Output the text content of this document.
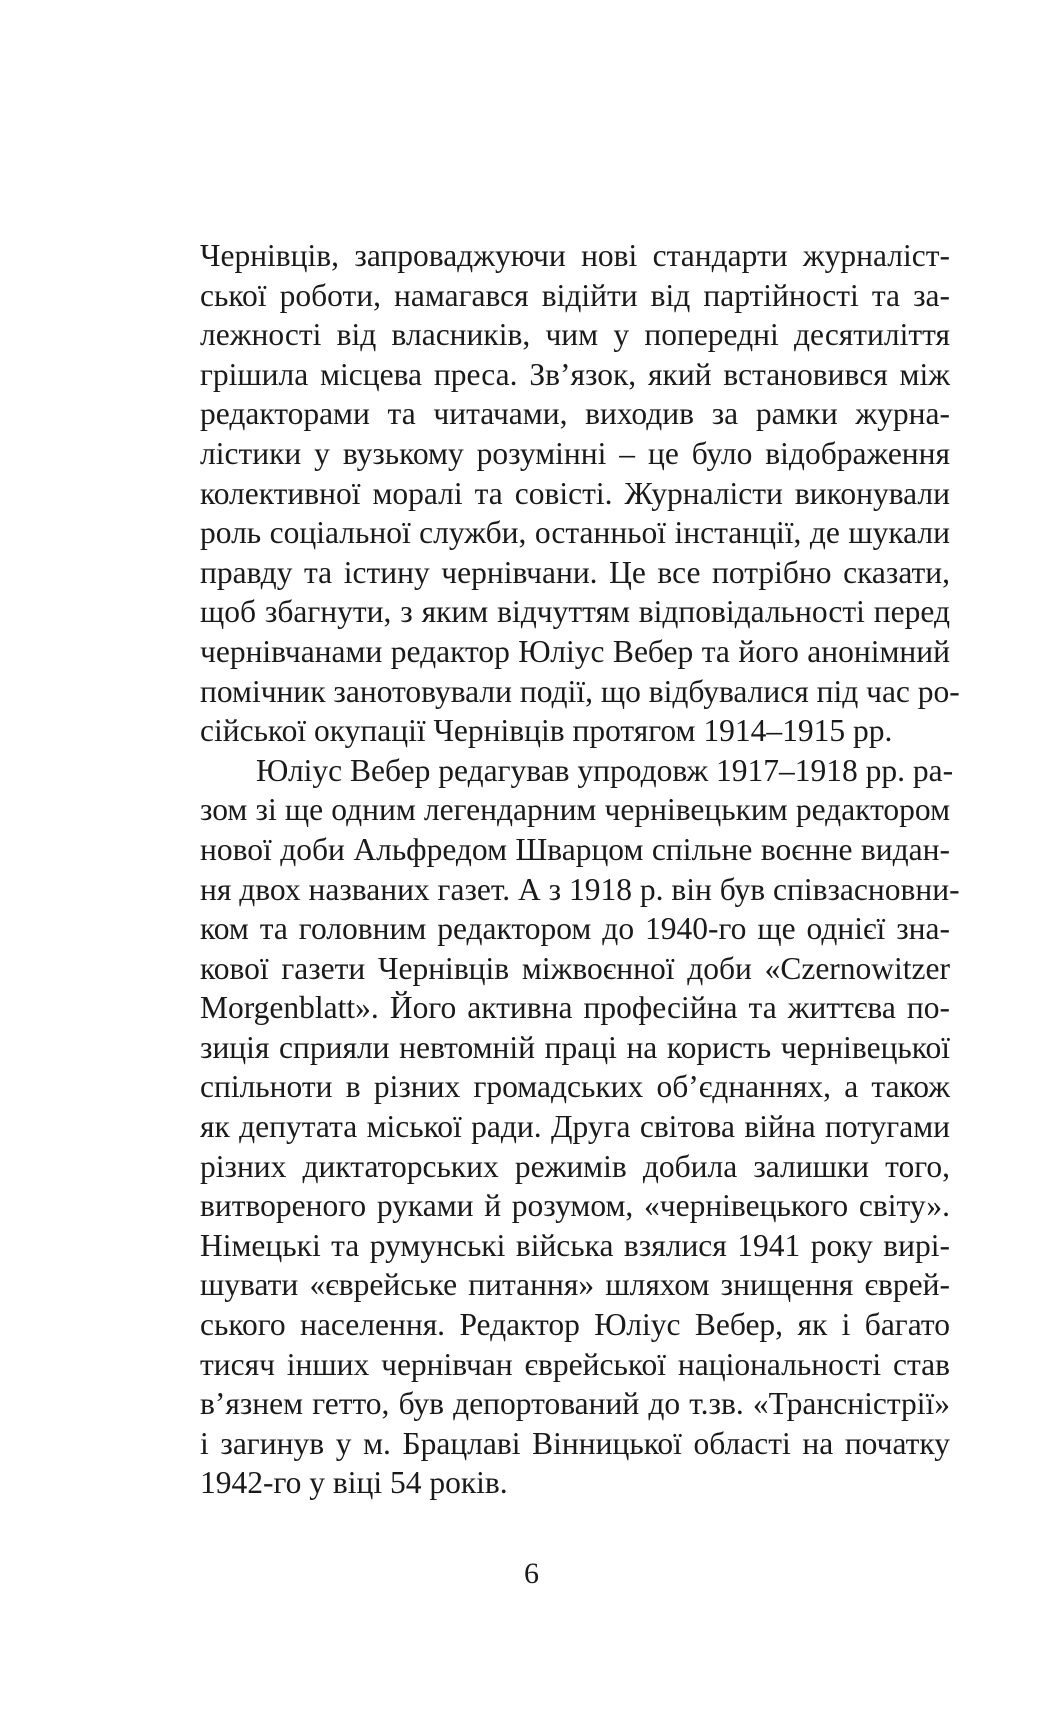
Чернівців, запроваджуючи нові стандарти журналіст-
ської роботи, намагався відійти від партійності та за-
лежності від власників, чим у попередні десятиліття
грішила місцева преса. Зв’язок, який встановився між
редакторами та читачами, виходив за рамки журна-
лістики у вузькому розумінні – це було відображення
колективної моралі та совісті. Журналісти виконували
роль соціальної служби, останньої інстанції, де шукали
правду та істину чернівчани. Це все потрібно сказати,
щоб збагнути, з яким відчуттям відповідальності перед
чернівчанами редактор Юліус Вебер та його анонімний
помічник занотовували події, що відбувалися під час ро-
сійської окупації Чернівців протягом 1914–1915 рр.

Юліус Вебер редагував упродовж 1917–1918 рр. ра-
зом зі ще одним легендарним чернівецьким редактором
нової доби Альфредом Шварцом спільне воєнне видан-
ня двох названих газет. А з 1918 р. він був співзасновни-
ком та головним редактором до 1940-го ще однієї зна-
кової газети Чернівців міжвоєнної доби «Czernowitzer
Morgenblatt». Його активна професійна та життєва по-
зиція сприяли невтомній праці на користь чернівецької
спільноти в різних громадських об’єднаннях, а також
як депутата міської ради. Друга світова війна потугами
різних диктаторських режимів добила залишки того,
витвореного руками й розумом, «чернівецького світу».
Німецькі та румунські війська взялися 1941 року вирі-
шувати «єврейське питання» шляхом знищення єврей-
ського населення. Редактор Юліус Вебер, як і багато
тисяч інших чернівчан єврейської національності став
в’язнем гетто, був депортований до т.зв. «Трансністрії»
і загинув у м. Брацлаві Вінницької області на початку
1942-го у віці 54 років.

6
